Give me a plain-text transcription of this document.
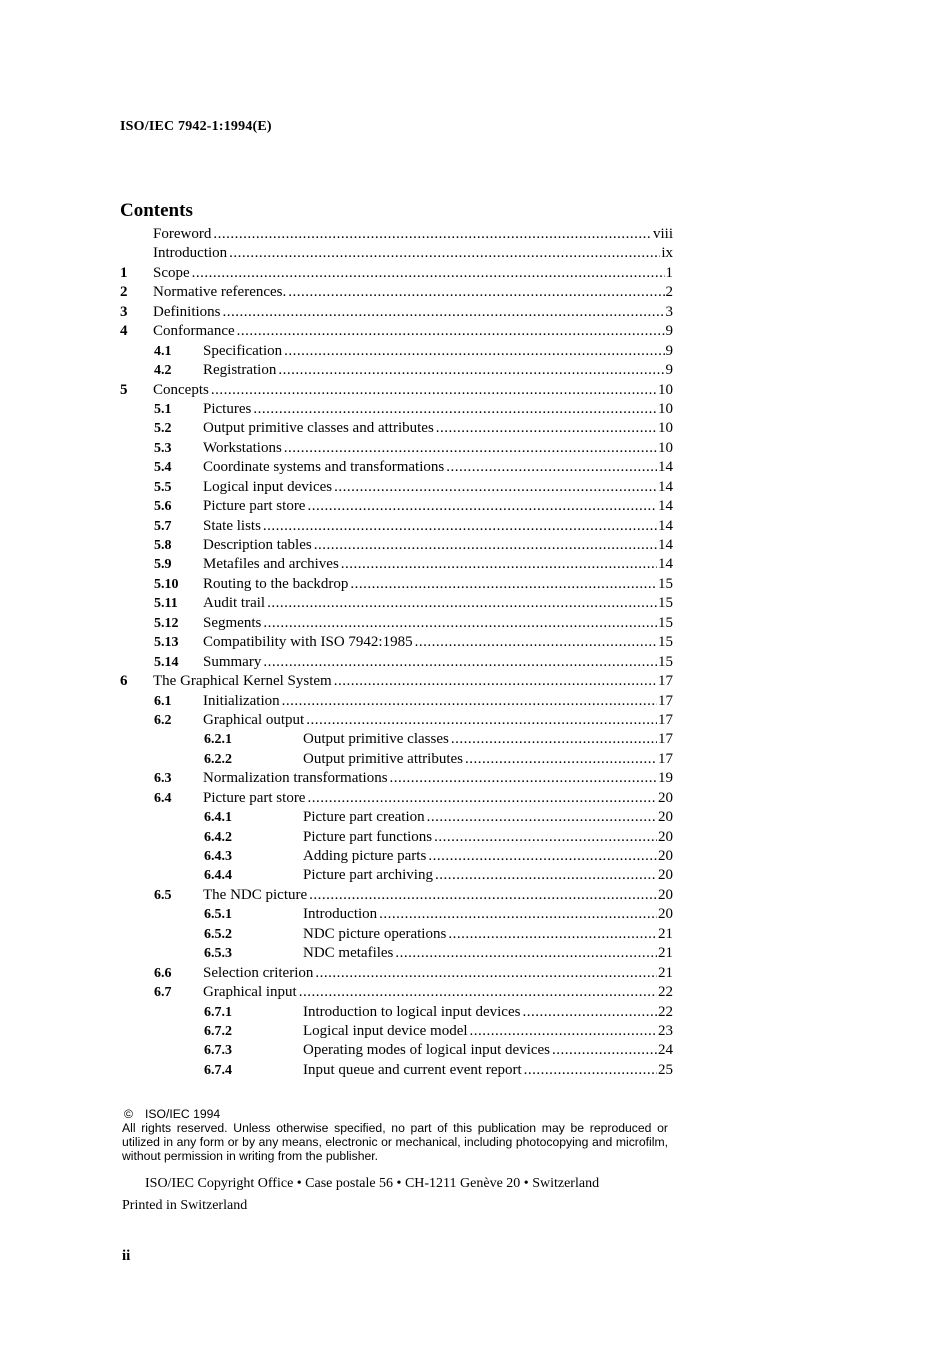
ISO/IEC 7942-1:1994(E)
Contents
Foreword .....	viii
Introduction .....	ix
1 Scope .....	1
2 Normative references. .....	2
3 Definitions .....	3
4 Conformance .....	9
4.1 Specification .....	9
4.2 Registration .....	9
5 Concepts .....	10
5.1 Pictures .....	10
5.2 Output primitive classes and attributes .....	10
5.3 Workstations .....	10
5.4 Coordinate systems and transformations .....	14
5.5 Logical input devices .....	14
5.6 Picture part store .....	14
5.7 State lists .....	14
5.8 Description tables .....	14
5.9 Metafiles and archives .....	14
5.10 Routing to the backdrop .....	15
5.11 Audit trail .....	15
5.12 Segments .....	15
5.13 Compatibility with ISO 7942:1985 .....	15
5.14 Summary .....	15
6 The Graphical Kernel System .....	17
6.1 Initialization .....	17
6.2 Graphical output .....	17
6.2.1	Output primitive classes .....	17
6.2.2	Output primitive attributes .....	17
6.3 Normalization transformations .....	19
6.4 Picture part store .....	20
6.4.1	Picture part creation .....	20
6.4.2	Picture part functions .....	20
6.4.3	Adding picture parts .....	20
6.4.4	Picture part archiving .....	20
6.5 The NDC picture .....	20
6.5.1	Introduction .....	20
6.5.2	NDC picture operations .....	21
6.5.3	NDC metafiles .....	21
6.6 Selection criterion .....	21
6.7 Graphical input .....	22
6.7.1	Introduction to logical input devices .....	22
6.7.2	Logical input device model .....	23
6.7.3	Operating modes of logical input devices .....	24
6.7.4	Input queue and current event report .....	25
© ISO/IEC 1994
All rights reserved. Unless otherwise specified, no part of this publication may be reproduced or utilized in any form or by any means, electronic or mechanical, including photocopying and microfilm, without permission in writing from the publisher.
ISO/IEC Copyright Office • Case postale 56 • CH-1211 Genève 20 • Switzerland
Printed in Switzerland
ii
